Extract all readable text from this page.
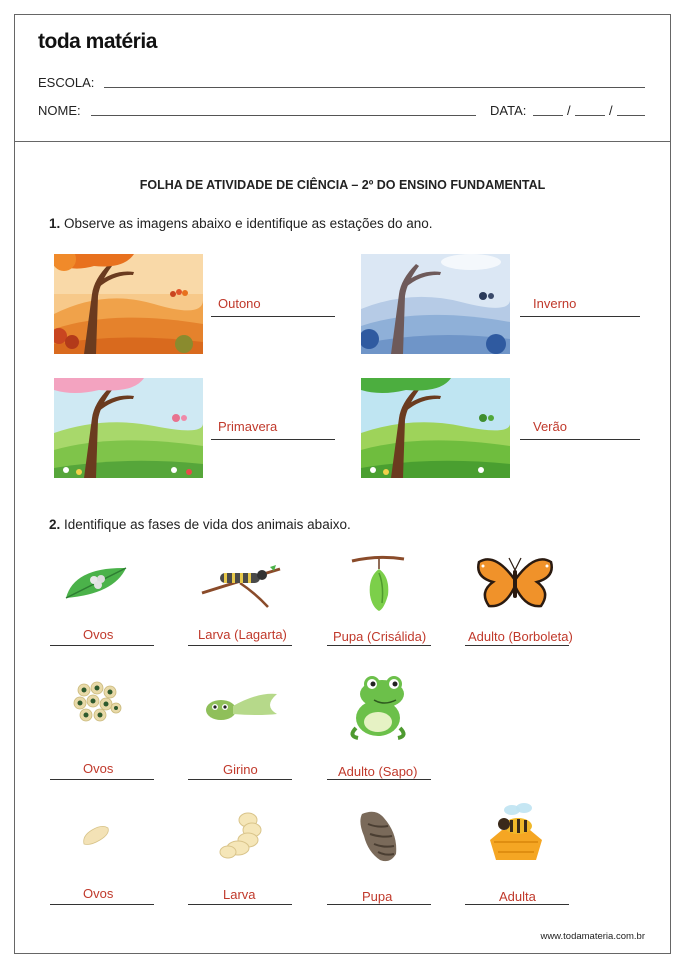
toda matéria
ESCOLA:
NOME:	DATA:	/	/
FOLHA DE ATIVIDADE DE CIÊNCIA – 2º DO ENSINO FUNDAMENTAL
1. Observe as imagens abaixo e identifique as estações do ano.
Outono	Inverno
Primavera	Verão
2. Identifique as fases de vida dos animais abaixo.
Ovos	Larva (Lagarta)	Pupa (Crisálida)	Adulto (Borboleta)
Ovos	Girino	Adulto (Sapo)
Ovos	Larva	Pupa	Adulta
www.todamateria.com.br
